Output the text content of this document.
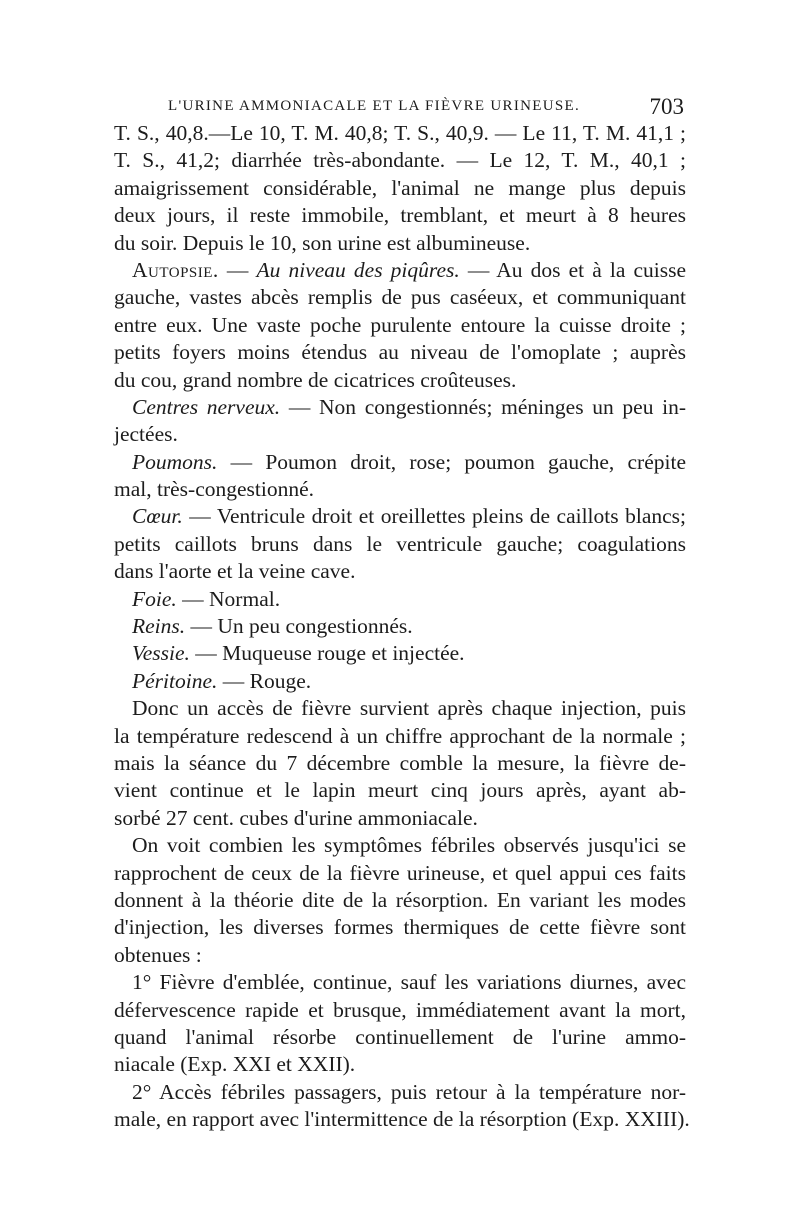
L'URINE AMMONIACALE ET LA FIÈVRE URINEUSE.	703
T. S., 40,8.—Le 10, T. M. 40,8; T. S., 40,9. — Le 11, T. M. 41,1 ;
T. S., 41,2; diarrhée très-abondante. — Le 12, T. M., 40,1 ;
amaigrissement considérable, l'animal ne mange plus depuis
deux jours, il reste immobile, tremblant, et meurt à 8 heures
du soir. Depuis le 10, son urine est albumineuse.
Autopsie. — Au niveau des piqûres. — Au dos et à la cuisse
gauche, vastes abcès remplis de pus caséeux, et communiquant
entre eux. Une vaste poche purulente entoure la cuisse droite ;
petits foyers moins étendus au niveau de l'omoplate ; auprès
du cou, grand nombre de cicatrices croûteuses.
Centres nerveux. — Non congestionnés; méninges un peu in-
jectées.
Poumons. — Poumon droit, rose; poumon gauche, crépite
mal, très-congestionné.
Cœur. — Ventricule droit et oreillettes pleins de caillots blancs;
petits caillots bruns dans le ventricule gauche; coagulations
dans l'aorte et la veine cave.
Foie. — Normal.
Reins. — Un peu congestionnés.
Vessie. — Muqueuse rouge et injectée.
Péritoine. — Rouge.
Donc un accès de fièvre survient après chaque injection, puis
la température redescend à un chiffre approchant de la normale ;
mais la séance du 7 décembre comble la mesure, la fièvre de-
vient continue et le lapin meurt cinq jours après, ayant ab-
sorbé 27 cent. cubes d'urine ammoniacale.
On voit combien les symptômes fébriles observés jusqu'ici se
rapprochent de ceux de la fièvre urineuse, et quel appui ces faits
donnent à la théorie dite de la résorption. En variant les modes
d'injection, les diverses formes thermiques de cette fièvre sont
obtenues :
1° Fièvre d'emblée, continue, sauf les variations diurnes, avec
défervescence rapide et brusque, immédiatement avant la mort,
quand l'animal résorbe continuellement de l'urine ammo-
niacale (Exp. XXI et XXII).
2° Accès fébriles passagers, puis retour à la température nor-
male, en rapport avec l'intermittence de la résorption (Exp. XXIII).
